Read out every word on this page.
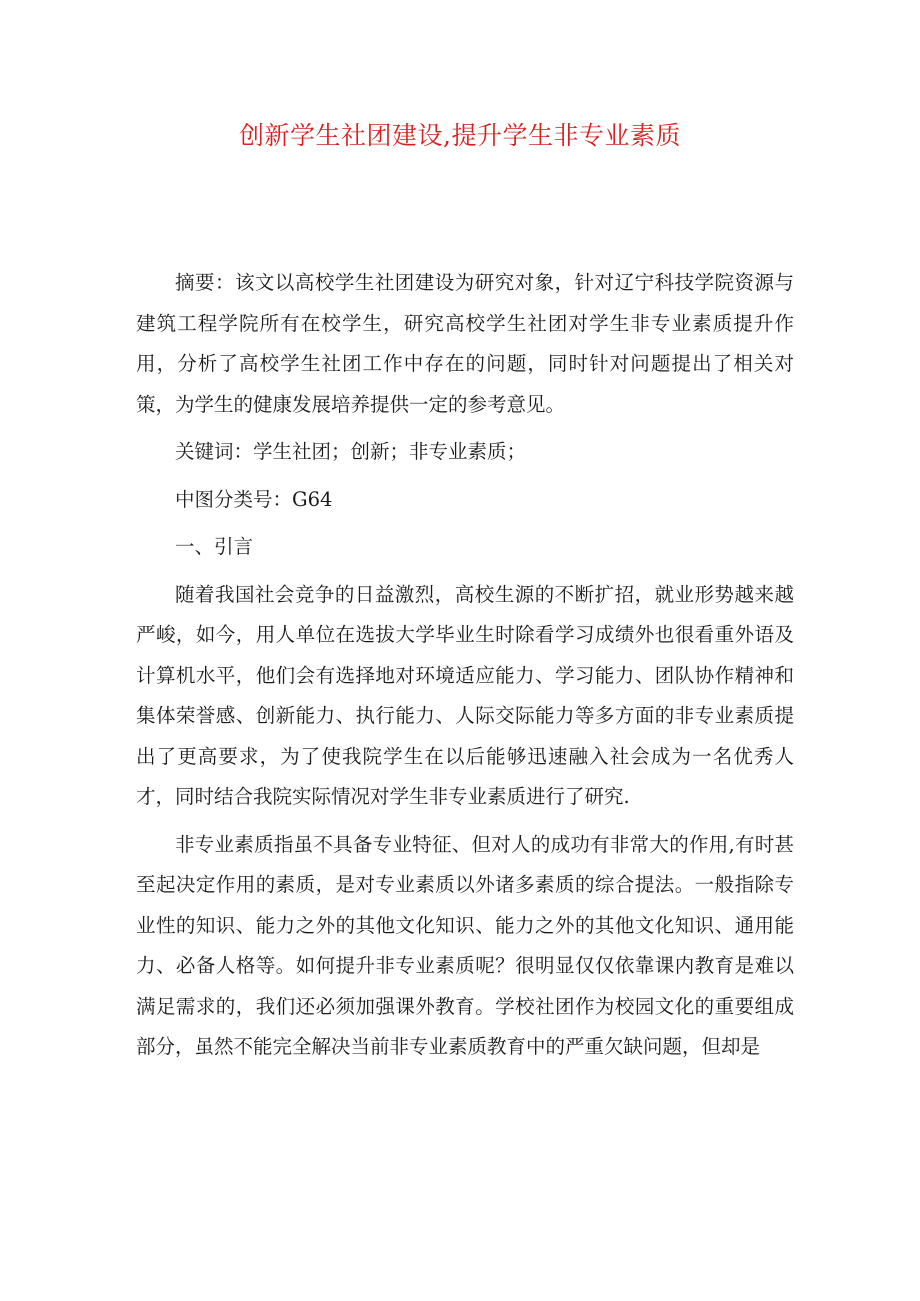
创新学生社团建设,提升学生非专业素质

摘要：该文以高校学生社团建设为研究对象，针对辽宁科技学院资源与建筑工程学院所有在校学生，研究高校学生社团对学生非专业素质提升作用，分析了高校学生社团工作中存在的问题，同时针对问题提出了相关对策，为学生的健康发展培养提供一定的参考意见。

关键词：学生社团；创新；非专业素质；

中图分类号：G64

一、引言

随着我国社会竞争的日益激烈，高校生源的不断扩招，就业形势越来越严峻，如今，用人单位在选拔大学毕业生时除看学习成绩外也很看重外语及计算机水平，他们会有选择地对环境适应能力、学习能力、团队协作精神和集体荣誉感、创新能力、执行能力、人际交际能力等多方面的非专业素质提出了更高要求，为了使我院学生在以后能够迅速融入社会成为一名优秀人才，同时结合我院实际情况对学生非专业素质进行了研究.

非专业素质指虽不具备专业特征、但对人的成功有非常大的作用,有时甚至起决定作用的素质，是对专业素质以外诸多素质的综合提法。一般指除专业性的知识、能力之外的其他文化知识、能力之外的其他文化知识、通用能力、必备人格等。如何提升非专业素质呢？很明显仅仅依靠课内教育是难以满足需求的，我们还必须加强课外教育。学校社团作为校园文化的重要组成部分，虽然不能完全解决当前非专业素质教育中的严重欠缺问题，但却是
